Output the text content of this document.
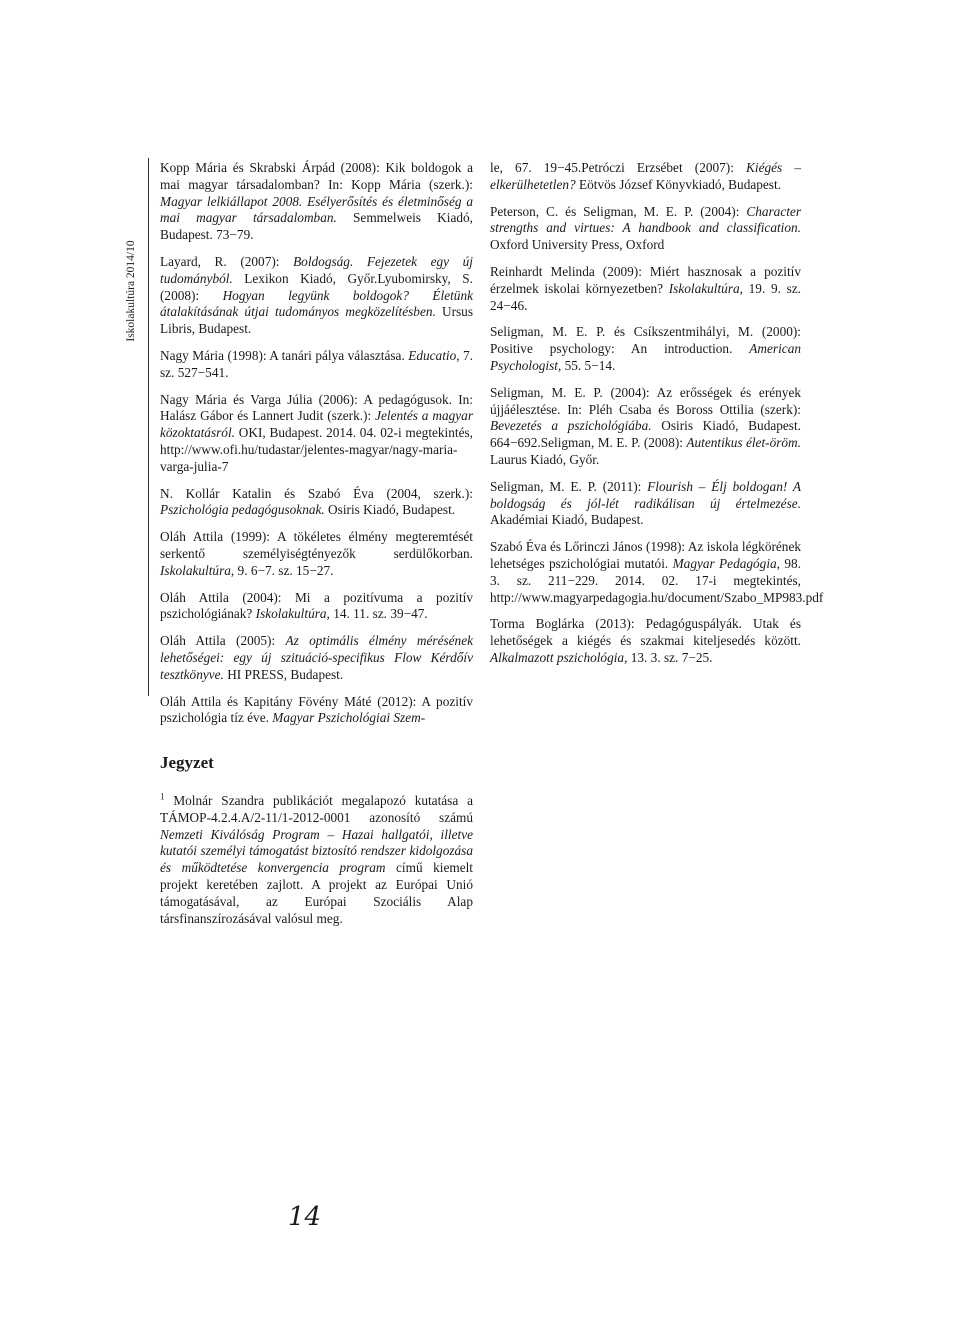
Iskolakultúra 2014/10

Kopp Mária és Skrabski Árpád (2008): Kik boldogok a mai magyar társadalomban? In: Kopp Mária (szerk.): Magyar lelkiállapot 2008. Esélyerősítés és életminőség a mai magyar társadalomban. Semmelweis Kiadó, Budapest. 73−79.

Layard, R. (2007): Boldogság. Fejezetek egy új tudományból. Lexikon Kiadó, Győr.Lyubomirsky, S. (2008): Hogyan legyünk boldogok? Életünk átalakításának útjai tudományos megközelítésben. Ursus Libris, Budapest.

Nagy Mária (1998): A tanári pálya választása. Educatio, 7. sz. 527−541.

Nagy Mária és Varga Júlia (2006): A pedagógusok. In: Halász Gábor és Lannert Judit (szerk.): Jelentés a magyar közoktatásról. OKI, Budapest. 2014. 04. 02-i megtekintés, http://www.ofi.hu/tudastar/jelentes-magyar/nagy-maria-varga-julia-7

N. Kollár Katalin és Szabó Éva (2004, szerk.): Pszichológia pedagógusoknak. Osiris Kiadó, Budapest.

Oláh Attila (1999): A tökéletes élmény megteremtését serkentő személyiségtényezők serdülőkorban. Iskolakultúra, 9. 6−7. sz. 15−27.

Oláh Attila (2004): Mi a pozitívuma a pozitív pszichológiának? Iskolakultúra, 14. 11. sz. 39−47.

Oláh Attila (2005): Az optimális élmény mérésének lehetőségei: egy új szituáció-specifikus Flow Kérdőív tesztkönyve. HI PRESS, Budapest.

Oláh Attila és Kapitány Fövény Máté (2012): A pozitív pszichológia tíz éve. Magyar Pszichológiai Szem-

le, 67. 19−45.Petróczi Erzsébet (2007): Kiégés – elkerülhetetlen? Eötvös József Könyvkiadó, Budapest.

Peterson, C. és Seligman, M. E. P. (2004): Character strengths and virtues: A handbook and classification. Oxford University Press, Oxford

Reinhardt Melinda (2009): Miért hasznosak a pozitív érzelmek iskolai környezetben? Iskolakultúra, 19. 9. sz. 24−46.

Seligman, M. E. P. és Csíkszentmihályi, M. (2000): Positive psychology: An introduction. American Psychologist, 55. 5−14.

Seligman, M. E. P. (2004): Az erősségek és erények újjáélesztése. In: Pléh Csaba és Boross Ottilia (szerk): Bevezetés a pszichológiába. Osiris Kiadó, Budapest. 664−692.Seligman, M. E. P. (2008): Autentikus élet-öröm. Laurus Kiadó, Győr.

Seligman, M. E. P. (2011): Flourish – Élj boldogan! A boldogság és jól-lét radikálisan új értelmezése. Akadémiai Kiadó, Budapest.

Szabó Éva és Lőrinczi János (1998): Az iskola légkörének lehetséges pszichológiai mutatói. Magyar Pedagógia, 98. 3. sz. 211−229. 2014. 02. 17-i megtekintés, http://www.magyarpedagogia.hu/document/Szabo_MP983.pdf

Torma Boglárka (2013): Pedagóguspályák. Utak és lehetőségek a kiégés és szakmai kiteljesedés között. Alkalmazott pszichológia, 13. 3. sz. 7−25.

Jegyzet

$^1$ Molnár Szandra publikációt megalapozó kutatása a TÁMOP-4.2.4.A/2-11/1-2012-0001 azonosító számú Nemzeti Kiválóság Program – Hazai hallgatói, illetve kutatói személyi támogatást biztosító rendszer kidolgozása és működtetése konvergencia program című kiemelt projekt keretében zajlott. A projekt az Európai Unió támogatásával, az Európai Szociális Alap társfinanszírozásával valósul meg.

14
